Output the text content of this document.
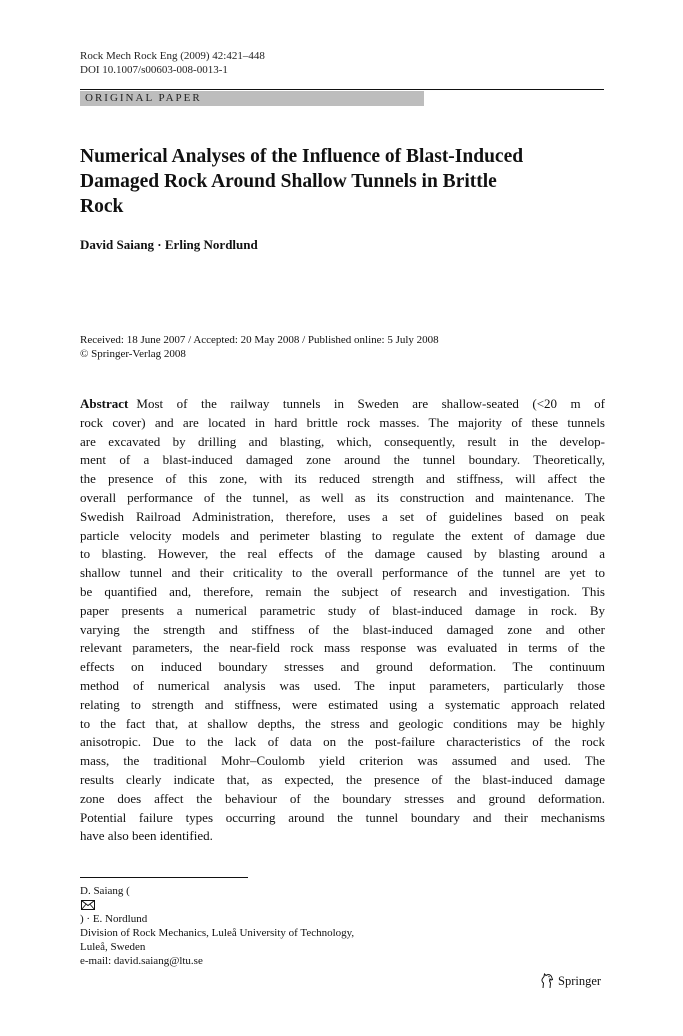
Rock Mech Rock Eng (2009) 42:421–448
DOI 10.1007/s00603-008-0013-1
ORIGINAL PAPER
Numerical Analyses of the Influence of Blast-Induced
Damaged Rock Around Shallow Tunnels in Brittle
Rock
David Saiang · Erling Nordlund
Received: 18 June 2007 / Accepted: 20 May 2008 / Published online: 5 July 2008
© Springer-Verlag 2008
Abstract Most of the railway tunnels in Sweden are shallow-seated (<20 m of
rock cover) and are located in hard brittle rock masses. The majority of these tunnels
are excavated by drilling and blasting, which, consequently, result in the develop-
ment of a blast-induced damaged zone around the tunnel boundary. Theoretically,
the presence of this zone, with its reduced strength and stiffness, will affect the
overall performance of the tunnel, as well as its construction and maintenance. The
Swedish Railroad Administration, therefore, uses a set of guidelines based on peak
particle velocity models and perimeter blasting to regulate the extent of damage due
to blasting. However, the real effects of the damage caused by blasting around a
shallow tunnel and their criticality to the overall performance of the tunnel are yet to
be quantified and, therefore, remain the subject of research and investigation. This
paper presents a numerical parametric study of blast-induced damage in rock. By
varying the strength and stiffness of the blast-induced damaged zone and other
relevant parameters, the near-field rock mass response was evaluated in terms of the
effects on induced boundary stresses and ground deformation. The continuum
method of numerical analysis was used. The input parameters, particularly those
relating to strength and stiffness, were estimated using a systematic approach related
to the fact that, at shallow depths, the stress and geologic conditions may be highly
anisotropic. Due to the lack of data on the post-failure characteristics of the rock
mass, the traditional Mohr–Coulomb yield criterion was assumed and used. The
results clearly indicate that, as expected, the presence of the blast-induced damage
zone does affect the behaviour of the boundary stresses and ground deformation.
Potential failure types occurring around the tunnel boundary and their mechanisms
have also been identified.
D. Saiang (
) · E. Nordlund
Division of Rock Mechanics, Luleå University of Technology,
Luleå, Sweden
e-mail: david.saiang@ltu.se
Springer
